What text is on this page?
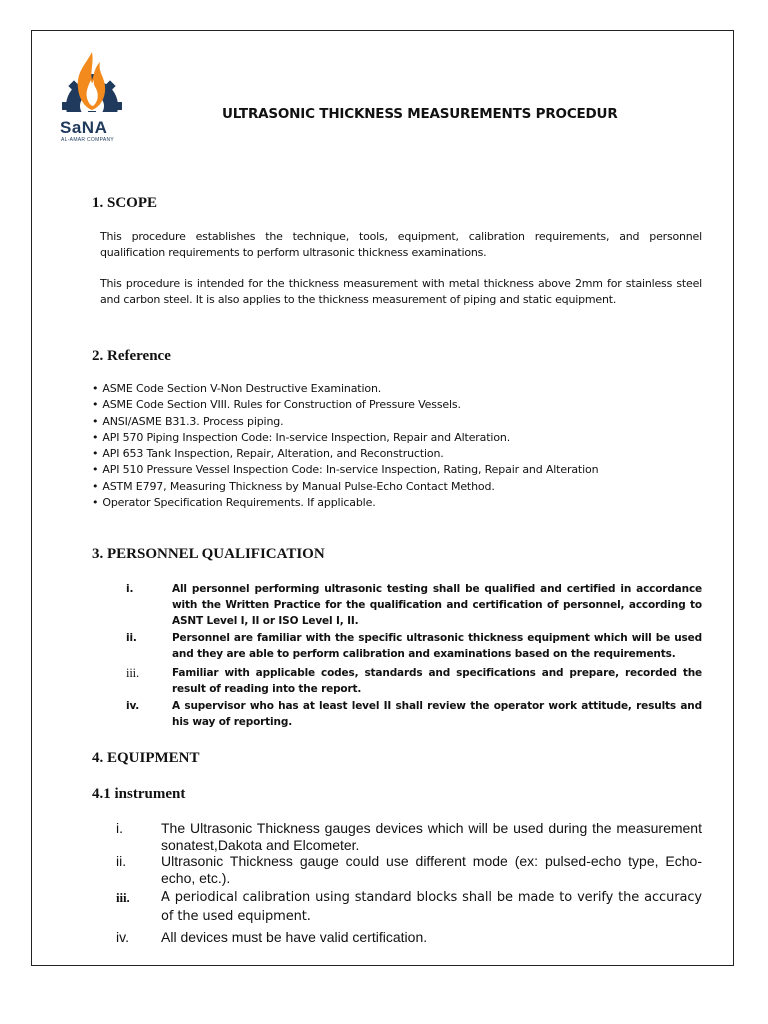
SaNA
AL-AMAR COMPANY
ULTRASONIC THICKNESS MEASUREMENTS PROCEDUR
1. SCOPE
This procedure establishes the technique, tools, equipment, calibration requirements, and personnel qualification requirements to perform ultrasonic thickness examinations.
This procedure is intended for the thickness measurement with metal thickness above 2mm for stainless steel and carbon steel. It is also applies to the thickness measurement of piping and static equipment.
2. Reference
• ASME Code Section V-Non Destructive Examination.
• ASME Code Section VIII. Rules for Construction of Pressure Vessels.
• ANSI/ASME B31.3. Process piping.
• API 570 Piping Inspection Code: In-service Inspection, Repair and Alteration.
• API 653 Tank Inspection, Repair, Alteration, and Reconstruction.
• API 510 Pressure Vessel Inspection Code: In-service Inspection, Rating, Repair and Alteration
• ASTM E797, Measuring Thickness by Manual Pulse-Echo Contact Method.
• Operator Specification Requirements. If applicable.
3. PERSONNEL QUALIFICATION
i.	All personnel performing ultrasonic testing shall be qualified and certified in accordance with the Written Practice for the qualification and certification of personnel, according to ASNT Level I, II or ISO Level I, II.
ii.	Personnel are familiar with the specific ultrasonic thickness equipment which will be used and they are able to perform calibration and examinations based on the requirements.
iii.	Familiar with applicable codes, standards and specifications and prepare, recorded the result of reading into the report.
iv.	A supervisor who has at least level II shall review the operator work attitude, results and his way of reporting.
4. EQUIPMENT
4.1 instrument
i.	The Ultrasonic Thickness gauges devices which will be used during the measurement sonatest,Dakota and Elcometer.
ii.	Ultrasonic Thickness gauge could use different mode (ex: pulsed-echo type, Echo-echo, etc.).
iii.	A periodical calibration using standard blocks shall be made to verify the accuracy of the used equipment.
iv.	All devices must be have valid certification.
